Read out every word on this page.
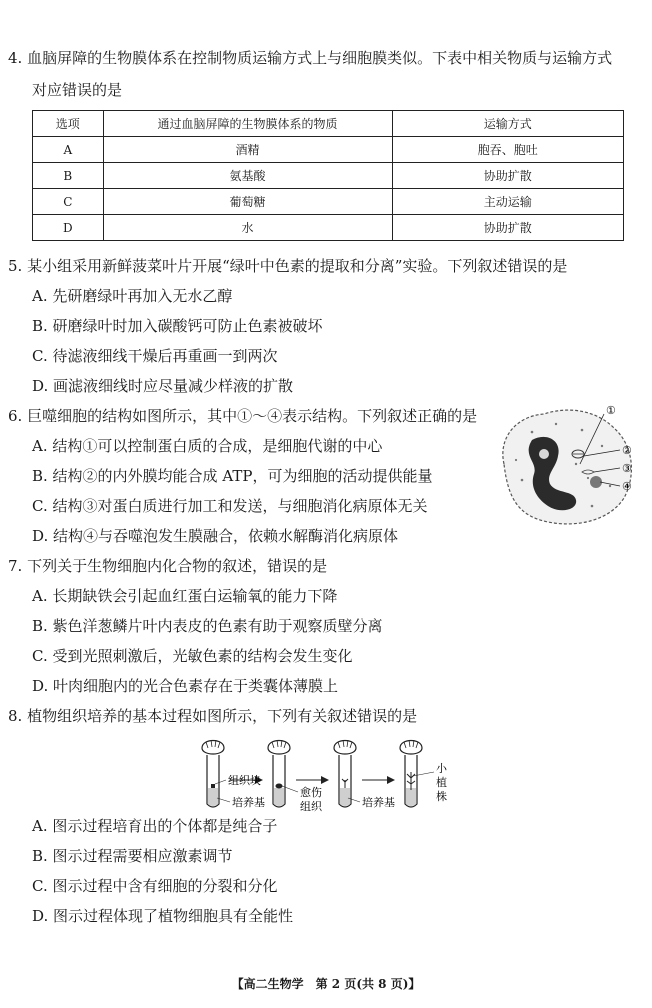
4. 血脑屏障的生物膜体系在控制物质运输方式上与细胞膜类似。下表中相关物质与运输方式
对应错误的是
选项	通过血脑屏障的生物膜体系的物质	运输方式
A	酒精	胞吞、胞吐
B	氨基酸	协助扩散
C	葡萄糖	主动运输
D	水	协助扩散
5. 某小组采用新鲜菠菜叶片开展“绿叶中色素的提取和分离”实验。下列叙述错误的是
A. 先研磨绿叶再加入无水乙醇
B. 研磨绿叶时加入碳酸钙可防止色素被破坏
C. 待滤液细线干燥后再重画一到两次
D. 画滤液细线时应尽量减少样液的扩散
6. 巨噬细胞的结构如图所示，其中①～④表示结构。下列叙述正确的是
A. 结构①可以控制蛋白质的合成，是细胞代谢的中心
B. 结构②的内外膜均能合成 ATP，可为细胞的活动提供能量
C. 结构③对蛋白质进行加工和发送，与细胞消化病原体无关
D. 结构④与吞噬泡发生膜融合，依赖水解酶消化病原体
①
②
③
④
7. 下列关于生物细胞内化合物的叙述，错误的是
A. 长期缺铁会引起血红蛋白运输氧的能力下降
B. 紫色洋葱鳞片叶内表皮的色素有助于观察质壁分离
C. 受到光照刺激后，光敏色素的结构会发生变化
D. 叶肉细胞内的光合色素存在于类囊体薄膜上
8. 植物组织培养的基本过程如图所示，下列有关叙述错误的是
组织块
培养基
愈伤
组织	培养基
小
植
株
A. 图示过程培育出的个体都是纯合子
B. 图示过程需要相应激素调节
C. 图示过程中含有细胞的分裂和分化
D. 图示过程体现了植物细胞具有全能性
【高二生物学　第 2 页(共 8 页)】
